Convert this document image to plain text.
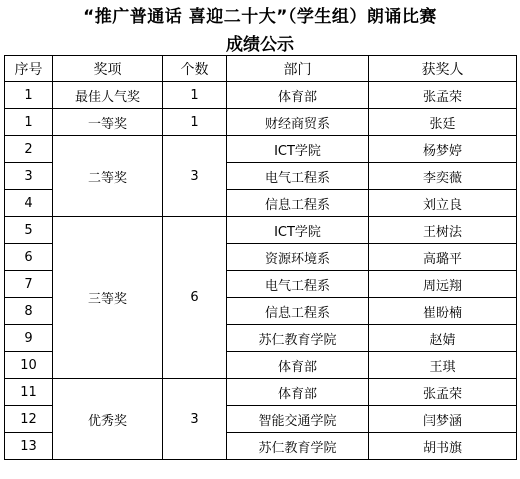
“推广普通话 喜迎二十大”（学生组）朗诵比赛
成绩公示
序号	奖项	个数	部门	获奖人
1	最佳人气奖	1	体育部	张孟荣
1	一等奖	1	财经商贸系	张廷
2	二等奖	3	ICT学院	杨梦婷
3			电气工程系	李奕薇
4			信息工程系	刘立良
5	三等奖	6	ICT学院	王树法
6			资源环境系	高璐平
7			电气工程系	周远翔
8			信息工程系	崔盼楠
9			苏仁教育学院	赵婧
10			体育部	王琪
11	优秀奖	3	体育部	张孟荣
12			智能交通学院	闫梦涵
13			苏仁教育学院	胡书旗
